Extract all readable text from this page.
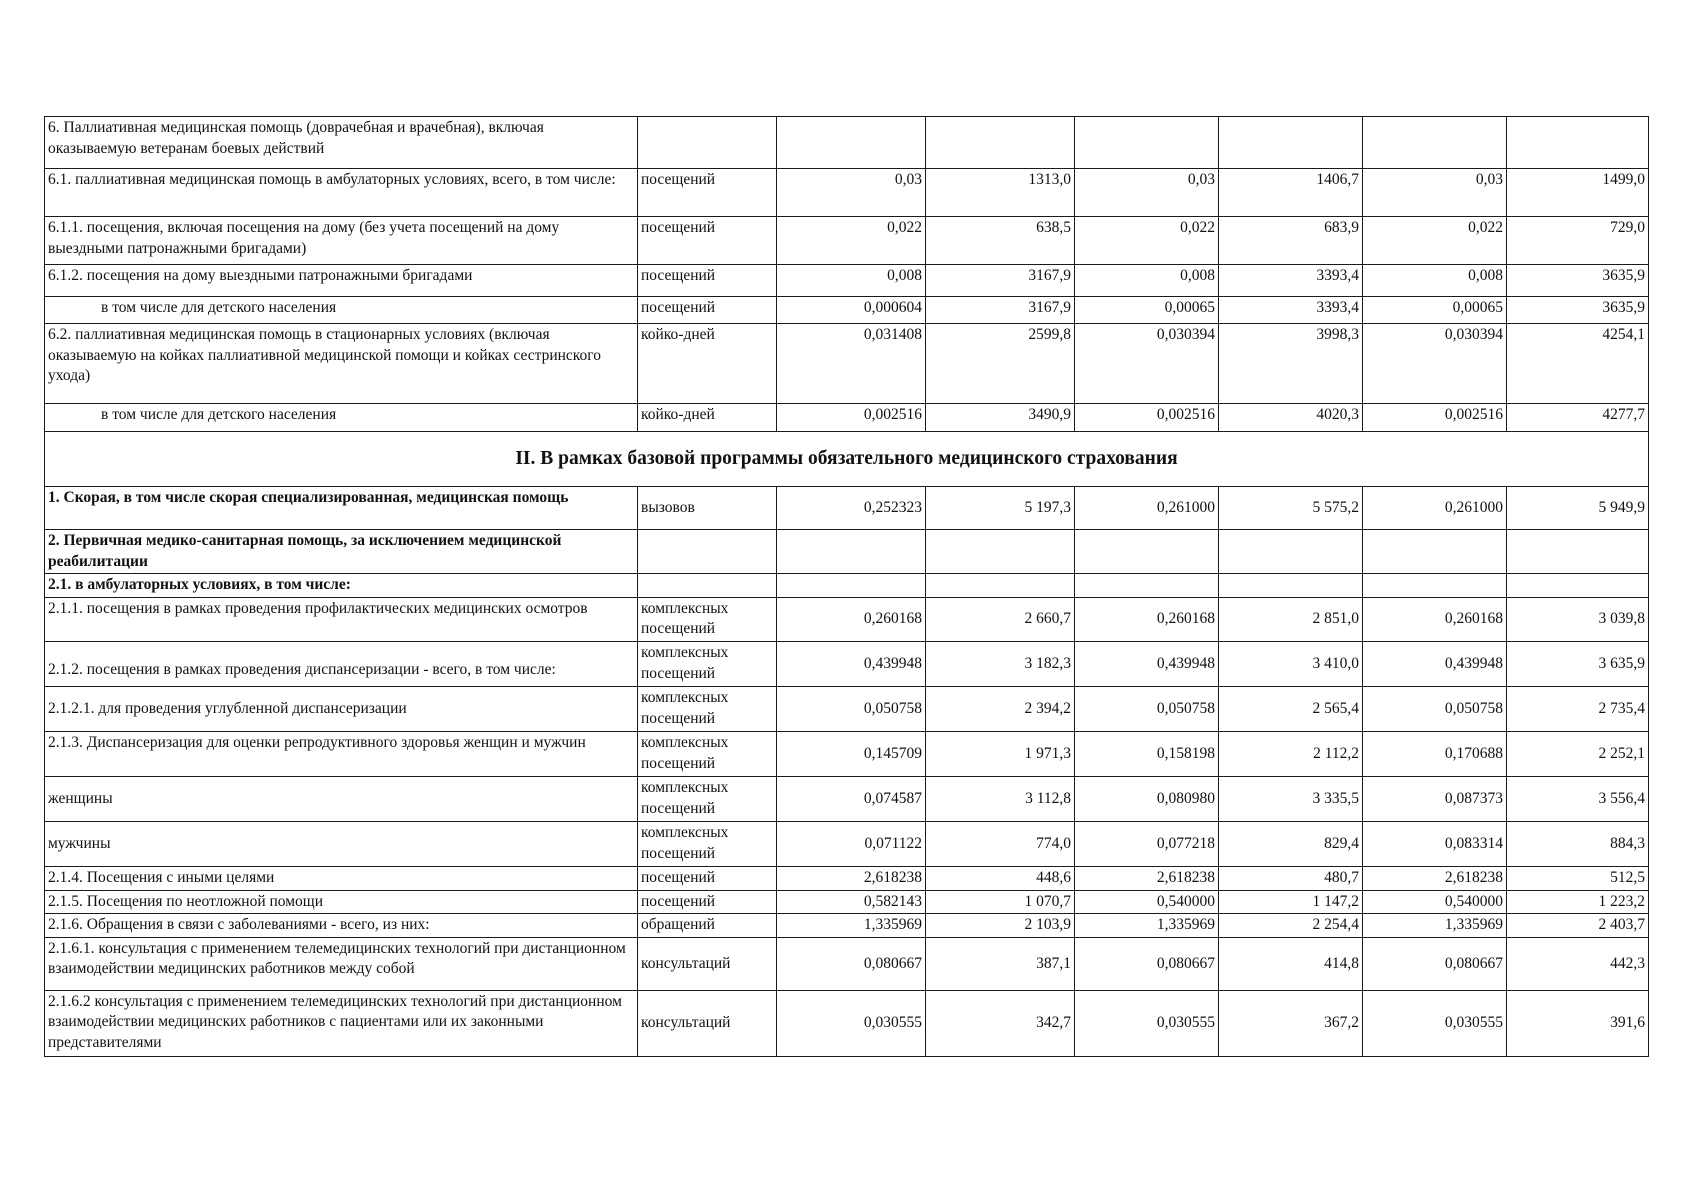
6. Паллиативная медицинская помощь (доврачебная и врачебная), включая оказываемую ветеранам боевых действий							
6.1. паллиативная медицинская помощь в амбулаторных условиях, всего, в том числе:	посещений	0,03	1313,0	0,03	1406,7	0,03	1499,0
6.1.1. посещения, включая посещения на дому (без учета посещений на дому выездными патронажными бригадами)	посещений	0,022	638,5	0,022	683,9	0,022	729,0
6.1.2. посещения на дому выездными патронажными бригадами	посещений	0,008	3167,9	0,008	3393,4	0,008	3635,9
в том числе для детского населения	посещений	0,000604	3167,9	0,00065	3393,4	0,00065	3635,9
6.2. паллиативная медицинская помощь в стационарных условиях (включая оказываемую на койках паллиативной медицинской помощи и койках сестринского ухода)	койко-дней	0,031408	2599,8	0,030394	3998,3	0,030394	4254,1
в том числе для детского населения	койко-дней	0,002516	3490,9	0,002516	4020,3	0,002516	4277,7
II. В рамках базовой программы обязательного медицинского страхования							
1. Скорая, в том числе скорая специализированная, медицинская помощь	вызовов	0,252323	5 197,3	0,261000	5 575,2	0,261000	5 949,9
2. Первичная медико-санитарная помощь, за исключением медицинской реабилитации							
2.1. в амбулаторных условиях, в том числе:							
2.1.1. посещения в рамках проведения профилактических медицинских осмотров	комплексных посещений	0,260168	2 660,7	0,260168	2 851,0	0,260168	3 039,8
2.1.2. посещения в рамках проведения диспансеризации - всего, в том числе:	комплексных посещений	0,439948	3 182,3	0,439948	3 410,0	0,439948	3 635,9
2.1.2.1. для проведения углубленной диспансеризации	комплексных посещений	0,050758	2 394,2	0,050758	2 565,4	0,050758	2 735,4
2.1.3. Диспансеризация для оценки репродуктивного здоровья женщин и мужчин	комплексных посещений	0,145709	1 971,3	0,158198	2 112,2	0,170688	2 252,1
женщины	комплексных посещений	0,074587	3 112,8	0,080980	3 335,5	0,087373	3 556,4
мужчины	комплексных посещений	0,071122	774,0	0,077218	829,4	0,083314	884,3
2.1.4. Посещения с иными целями	посещений	2,618238	448,6	2,618238	480,7	2,618238	512,5
2.1.5. Посещения по неотложной помощи	посещений	0,582143	1 070,7	0,540000	1 147,2	0,540000	1 223,2
2.1.6. Обращения в связи с заболеваниями - всего, из них:	обращений	1,335969	2 103,9	1,335969	2 254,4	1,335969	2 403,7
2.1.6.1. консультация с применением телемедицинских технологий при дистанционном взаимодействии медицинских работников между собой	консультаций	0,080667	387,1	0,080667	414,8	0,080667	442,3
2.1.6.2 консультация с применением телемедицинских технологий при дистанционном взаимодействии медицинских работников с пациентами или их законными представителями	консультаций	0,030555	342,7	0,030555	367,2	0,030555	391,6
